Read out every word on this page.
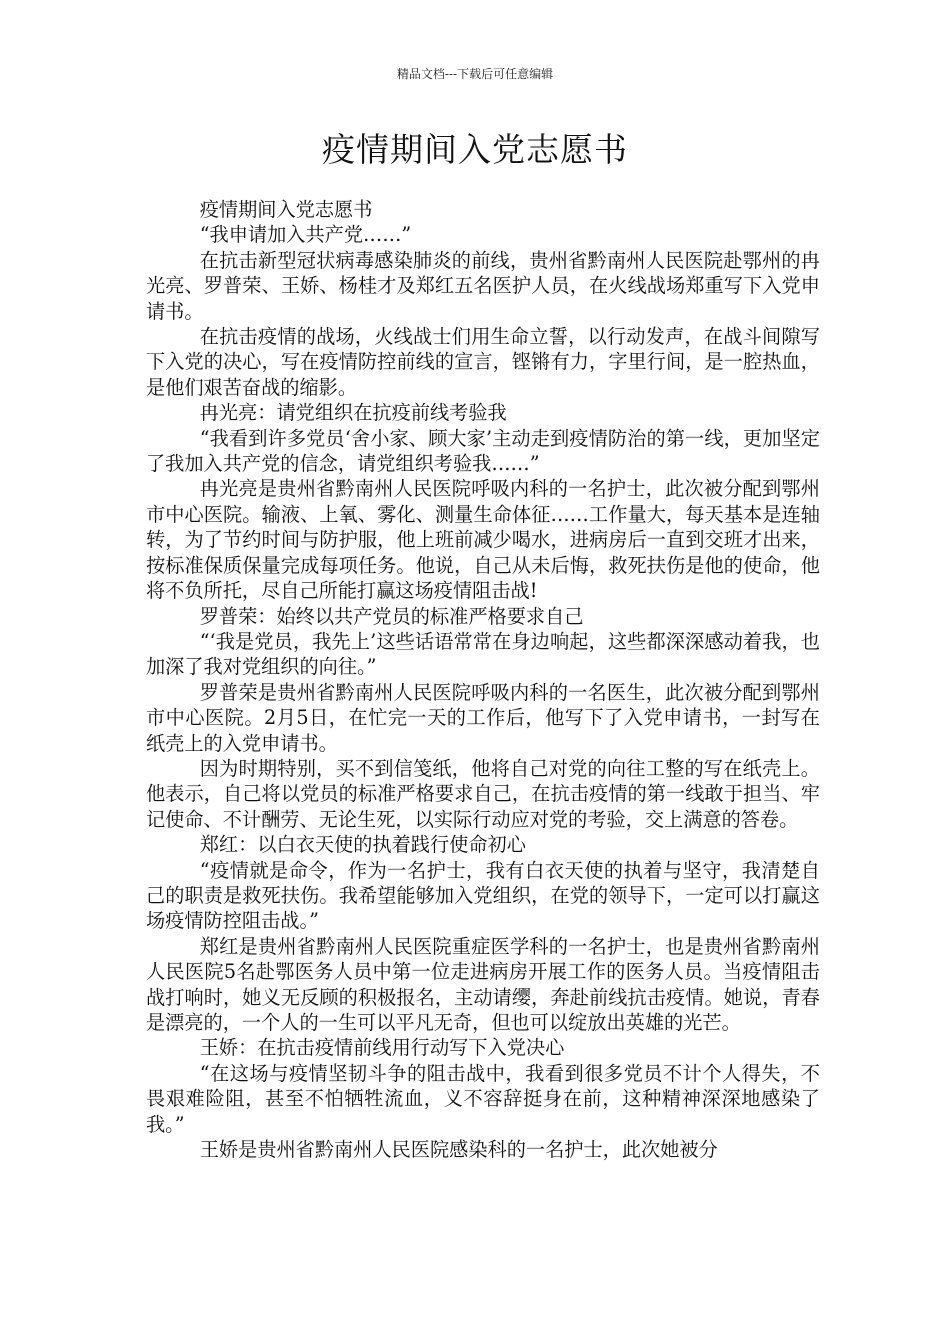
精品文档---下载后可任意编辑
疫情期间入党志愿书

疫情期间入党志愿书

“我申请加入共产党……”

在抗击新型冠状病毒感染肺炎的前线，贵州省黔南州人民医院赴鄂州的冉光亮、罗普荣、王娇、杨桂才及郑红五名医护人员，在火线战场郑重写下入党申请书。

在抗击疫情的战场，火线战士们用生命立誓，以行动发声，在战斗间隙写下入党的决心，写在疫情防控前线的宣言，铿锵有力，字里行间，是一腔热血，是他们艰苦奋战的缩影。

冉光亮：请党组织在抗疫前线考验我

“我看到许多党员‘舍小家、顾大家’主动走到疫情防治的第一线，更加坚定了我加入共产党的信念，请党组织考验我……”

冉光亮是贵州省黔南州人民医院呼吸内科的一名护士，此次被分配到鄂州市中心医院。输液、上氧、雾化、测量生命体征……工作量大，每天基本是连轴转，为了节约时间与防护服，他上班前减少喝水，进病房后一直到交班才出来，按标准保质保量完成每项任务。他说，自己从未后悔，救死扶伤是他的使命，他将不负所托，尽自己所能打赢这场疫情阻击战!

罗普荣：始终以共产党员的标准严格要求自己

“‘我是党员，我先上’这些话语常常在身边响起，这些都深深感动着我，也加深了我对党组织的向往。”

罗普荣是贵州省黔南州人民医院呼吸内科的一名医生，此次被分配到鄂州市中心医院。2月5日，在忙完一天的工作后，他写下了入党申请书，一封写在纸壳上的入党申请书。

因为时期特别，买不到信笺纸，他将自己对党的向往工整的写在纸壳上。他表示，自己将以党员的标准严格要求自己，在抗击疫情的第一线敢于担当、牢记使命、不计酬劳、无论生死，以实际行动应对党的考验，交上满意的答卷。

郑红：以白衣天使的执着践行使命初心

“疫情就是命令，作为一名护士，我有白衣天使的执着与坚守，我清楚自己的职责是救死扶伤。我希望能够加入党组织，在党的领导下，一定可以打赢这场疫情防控阻击战。”

郑红是贵州省黔南州人民医院重症医学科的一名护士，也是贵州省黔南州人民医院5名赴鄂医务人员中第一位走进病房开展工作的医务人员。当疫情阻击战打响时，她义无反顾的积极报名，主动请缨，奔赴前线抗击疫情。她说，青春是漂亮的，一个人的一生可以平凡无奇，但也可以绽放出英雄的光芒。

王娇：在抗击疫情前线用行动写下入党决心

“在这场与疫情坚韧斗争的阻击战中，我看到很多党员不计个人得失，不畏艰难险阻，甚至不怕牺牲流血，义不容辞挺身在前，这种精神深深地感染了我。”

王娇是贵州省黔南州人民医院感染科的一名护士，此次她被分
